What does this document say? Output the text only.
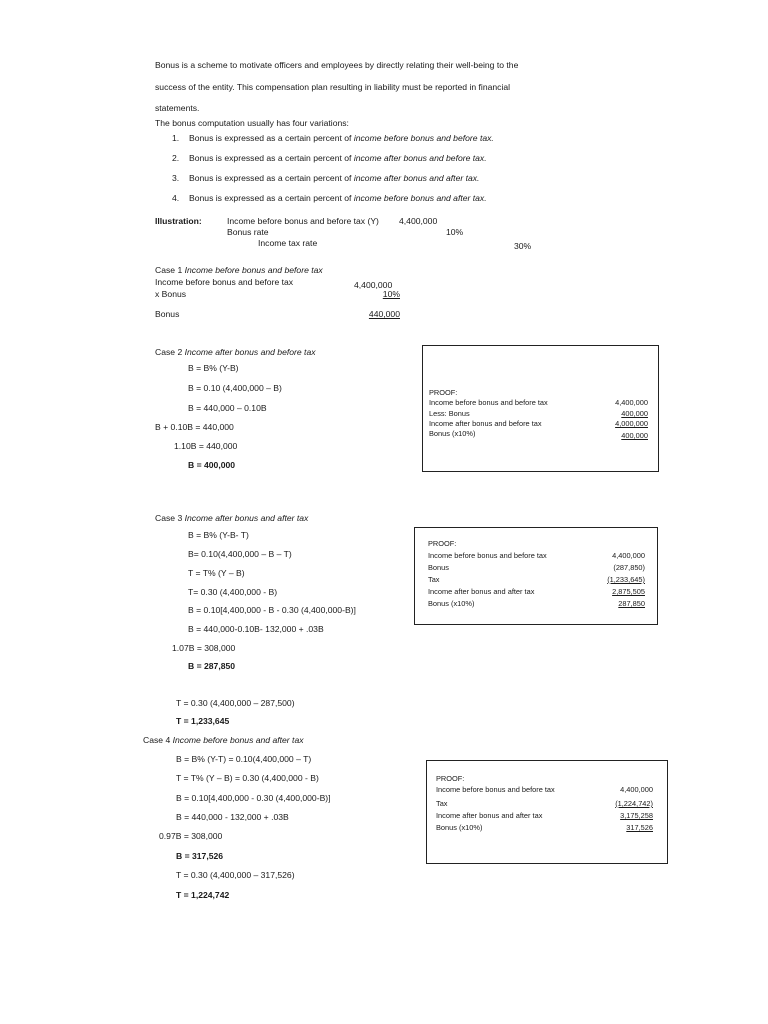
Bonus is a scheme to motivate officers and employees by directly relating their well-being to the

success of the entity. This compensation plan resulting in liability must be reported in financial

statements.

The bonus computation usually has four variations:

1. Bonus is expressed as a certain percent of income before bonus and before tax.
2. Bonus is expressed as a certain percent of income after bonus and before tax.
3. Bonus is expressed as a certain percent of income after bonus and after tax.
4. Bonus is expressed as a certain percent of income before bonus and after tax.
Illustration:	Income before bonus and before tax (Y) 4,400,000
Bonus rate	10%
Income tax rate	30%
Case 1 Income before bonus and before tax
Income before bonus and before tax	4,400,000
x Bonus	10%
Bonus	440,000
Case 2 Income after bonus and before tax
B = B% (Y-B)
B = 0.10 (4,400,000 – B)
B = 440,000 – 0.10B
B + 0.10B = 440,000
1.10B = 440,000
B = 400,000
PROOF:
Income before bonus and before tax	4,400,000
Less: Bonus	400,000
Income after bonus and before tax	4,000,000
Bonus (x10%)	400,000
Case 3 Income after bonus and after tax
B = B% (Y-B- T)
B= 0.10(4,400,000 – B – T)
T = T% (Y – B)
T= 0.30 (4,400,000 - B)
B = 0.10[4,400,000 - B - 0.30 (4,400,000-B)]
B = 440,000-0.10B- 132,000 + .03B
1.07B = 308,000
B = 287,850
T = 0.30 (4,400,000 – 287,500)
T = 1,233,645
PROOF:
Income before bonus and before tax	4,400,000
Bonus	(287,850)
Tax	(1,233,645)
Income after bonus and after tax	2,875,505
Bonus (x10%)	287,850
Case 4 Income before bonus and after tax
B = B% (Y-T) = 0.10(4,400,000 – T)
T = T% (Y – B) = 0.30 (4,400,000 - B)
B = 0.10[4,400,000 - 0.30 (4,400,000-B)]
B = 440,000 - 132,000 + .03B
0.97B = 308,000
B = 317,526
T = 0.30 (4,400,000 – 317,526)
T = 1,224,742
PROOF:
Income before bonus and before tax	4,400,000
Tax	(1,224,742)
Income after bonus and after tax	3,175,258
Bonus (x10%)	317,526
